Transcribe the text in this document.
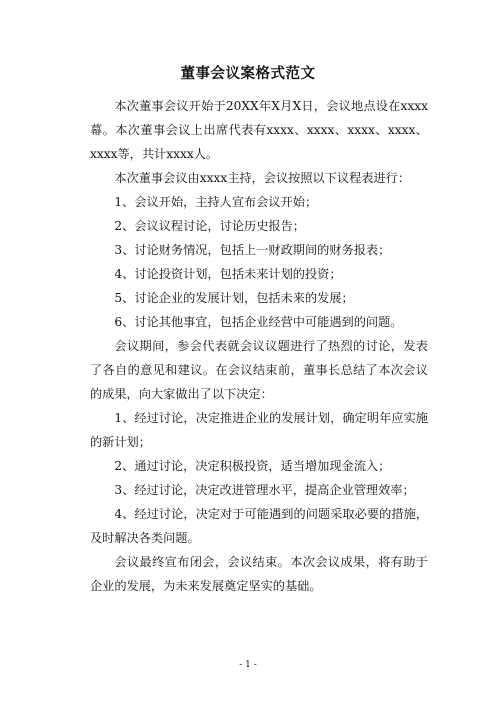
董事会议案格式范文

本次董事会议开始于20XX年X月X日，会议地点设在xxxx幕。本次董事会议上出席代表有xxxx、xxxx、xxxx、xxxx、xxxx等，共计xxxx人。

本次董事会议由xxxx主持，会议按照以下议程表进行：

1、会议开始，主持人宣布会议开始；

2、会议议程讨论，讨论历史报告；

3、讨论财务情况，包括上一财政期间的财务报表；

4、讨论投资计划，包括未来计划的投资；

5、讨论企业的发展计划，包括未来的发展；

6、讨论其他事宜，包括企业经营中可能遇到的问题。

会议期间，参会代表就会议议题进行了热烈的讨论，发表了各自的意见和建议。在会议结束前，董事长总结了本次会议的成果，向大家做出了以下决定：

1、经过讨论，决定推进企业的发展计划，确定明年应实施的新计划；

2、通过讨论，决定积极投资，适当增加现金流入；

3、经过讨论，决定改进管理水平，提高企业管理效率；

4、经过讨论，决定对于可能遇到的问题采取必要的措施，及时解决各类问题。

会议最终宣布闭会，会议结束。本次会议成果，将有助于企业的发展，为未来发展奠定坚实的基础。

- 1 -
